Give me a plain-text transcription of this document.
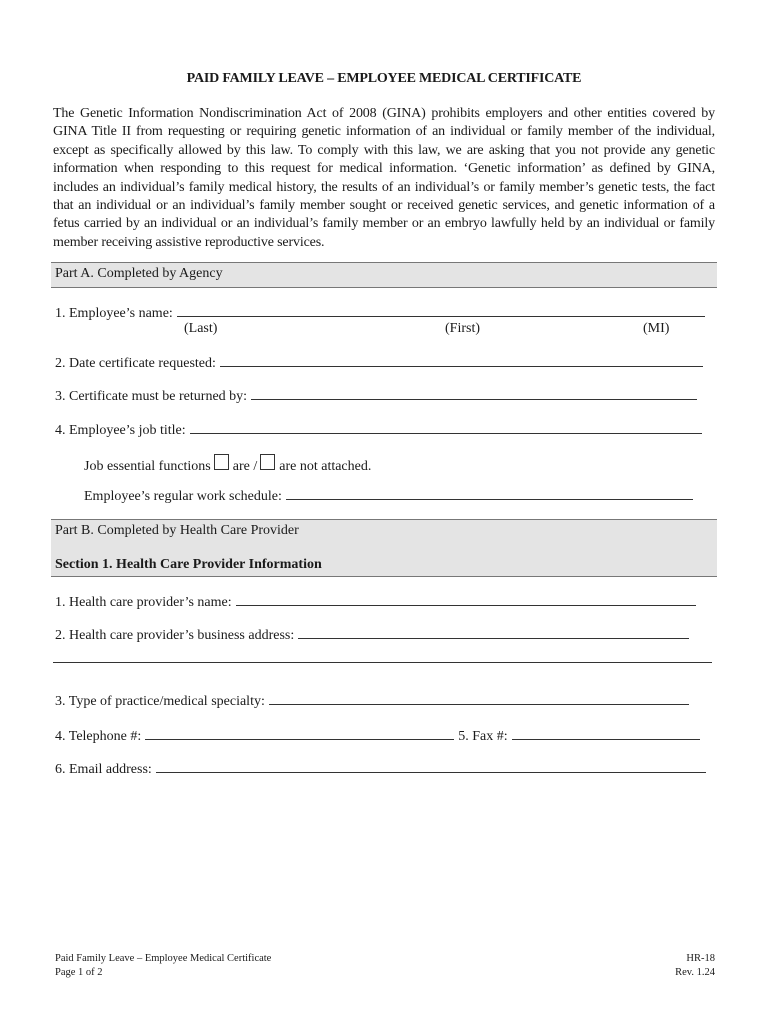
PAID FAMILY LEAVE – EMPLOYEE MEDICAL CERTIFICATE
The Genetic Information Nondiscrimination Act of 2008 (GINA) prohibits employers and other entities covered by GINA Title II from requesting or requiring genetic information of an individual or family member of the individual, except as specifically allowed by this law. To comply with this law, we are asking that you not provide any genetic information when responding to this request for medical information. ‘Genetic information’ as defined by GINA, includes an individual’s family medical history, the results of an individual’s or family member’s genetic tests, the fact that an individual or an individual’s family member sought or received genetic services, and genetic information of a fetus carried by an individual or an individual’s family member or an embryo lawfully held by an individual or family member receiving assistive reproductive services.
Part A. Completed by Agency
1. Employee’s name:
(Last)	(First)	(MI)
2. Date certificate requested:
3. Certificate must be returned by:
4. Employee’s job title:
Job essential functions are / are not attached.
Employee’s regular work schedule:
Part B. Completed by Health Care Provider
Section 1. Health Care Provider Information
1. Health care provider’s name:
2. Health care provider’s business address:
3. Type of practice/medical specialty:
4. Telephone #:	5. Fax #:
6. Email address:
Paid Family Leave – Employee Medical Certificate
Page 1 of 2
HR-18
Rev. 1.24
